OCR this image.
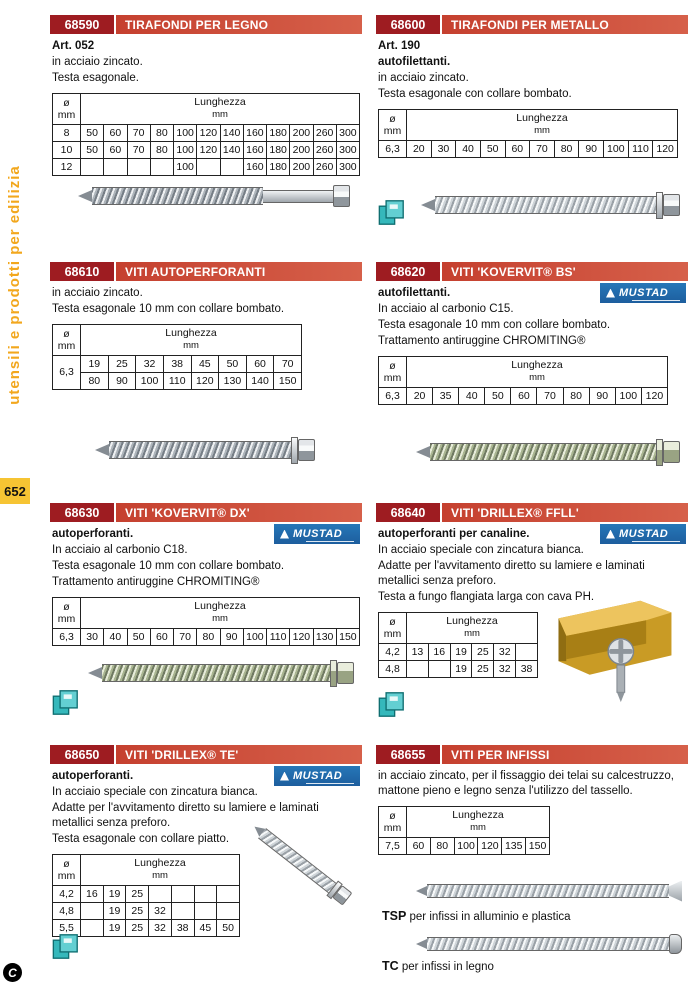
utensili e prodotti per edilizia
652
C
68590	TIRAFONDI PER LEGNO

Art. 052

in acciaio zincato.

Testa esagonale.

ø
mm	Lunghezza
mm											
8	50	60	70	80	100	120	140	160	180	200	260	300
10	50	60	70	80	100	120	140	160	180	200	260	300
12					100			160	180	200	260	300
68600	TIRAFONDI PER METALLO

Art. 190

autofilettanti.

in acciaio zincato.

Testa esagonale con collare bombato.

ø
mm	Lunghezza
mm										
6,3	20	30	40	50	60	70	80	90	100	110	120
68610	VITI AUTOPERFORANTI

in acciaio zincato.

Testa esagonale 10 mm con collare bombato.

ø
mm	Lunghezza
mm							
6,3	19	25	32	38	45	50	60	70
	80	90	100	110	120	130	140	150
68620	VITI 'KOVERVIT® BS'
MUSTAD

autofilettanti.

In acciaio al carbonio C15.

Testa esagonale 10 mm con collare bombato.

Trattamento antiruggine CHROMITING®

ø
mm	Lunghezza
mm									
6,3	20	35	40	50	60	70	80	90	100	120
68630	VITI 'KOVERVIT® DX'
MUSTAD

autoperforanti.

In acciaio al carbonio C18.

Testa esagonale 10 mm con collare bombato.

Trattamento antiruggine CHROMITING®

ø
mm	Lunghezza
mm											
6,3	30	40	50	60	70	80	90	100	110	120	130	150
68640	VITI 'DRILLEX® FFLL'
MUSTAD

autoperforanti per canaline.

In acciaio speciale con zincatura bianca.

Adatte per l'avvitamento diretto su lamiere e laminati metallici senza preforo.

Testa a fungo flangiata larga con cava PH.

ø
mm	Lunghezza
mm					
4,2	13	16	19	25	32	
4,8			19	25	32	38
68650	VITI 'DRILLEX® TE'
MUSTAD

autoperforanti.

In acciaio speciale con zincatura bianca.

Adatte per l'avvitamento diretto su lamiere e laminati metallici senza preforo.

Testa esagonale con collare piatto.

ø
mm	Lunghezza
mm						
4,2	16	19	25				
4,8		19	25	32			
5,5		19	25	32	38	45	50
68655	VITI PER INFISSI

in acciaio zincato, per il fissaggio dei telai su calcestruzzo, mattone pieno e legno senza l'utilizzo del tassello.

ø
mm	Lunghezza
mm					
7,5	60	80	100	120	135	150

TSP per infissi in alluminio e plastica

TC per infissi in legno
